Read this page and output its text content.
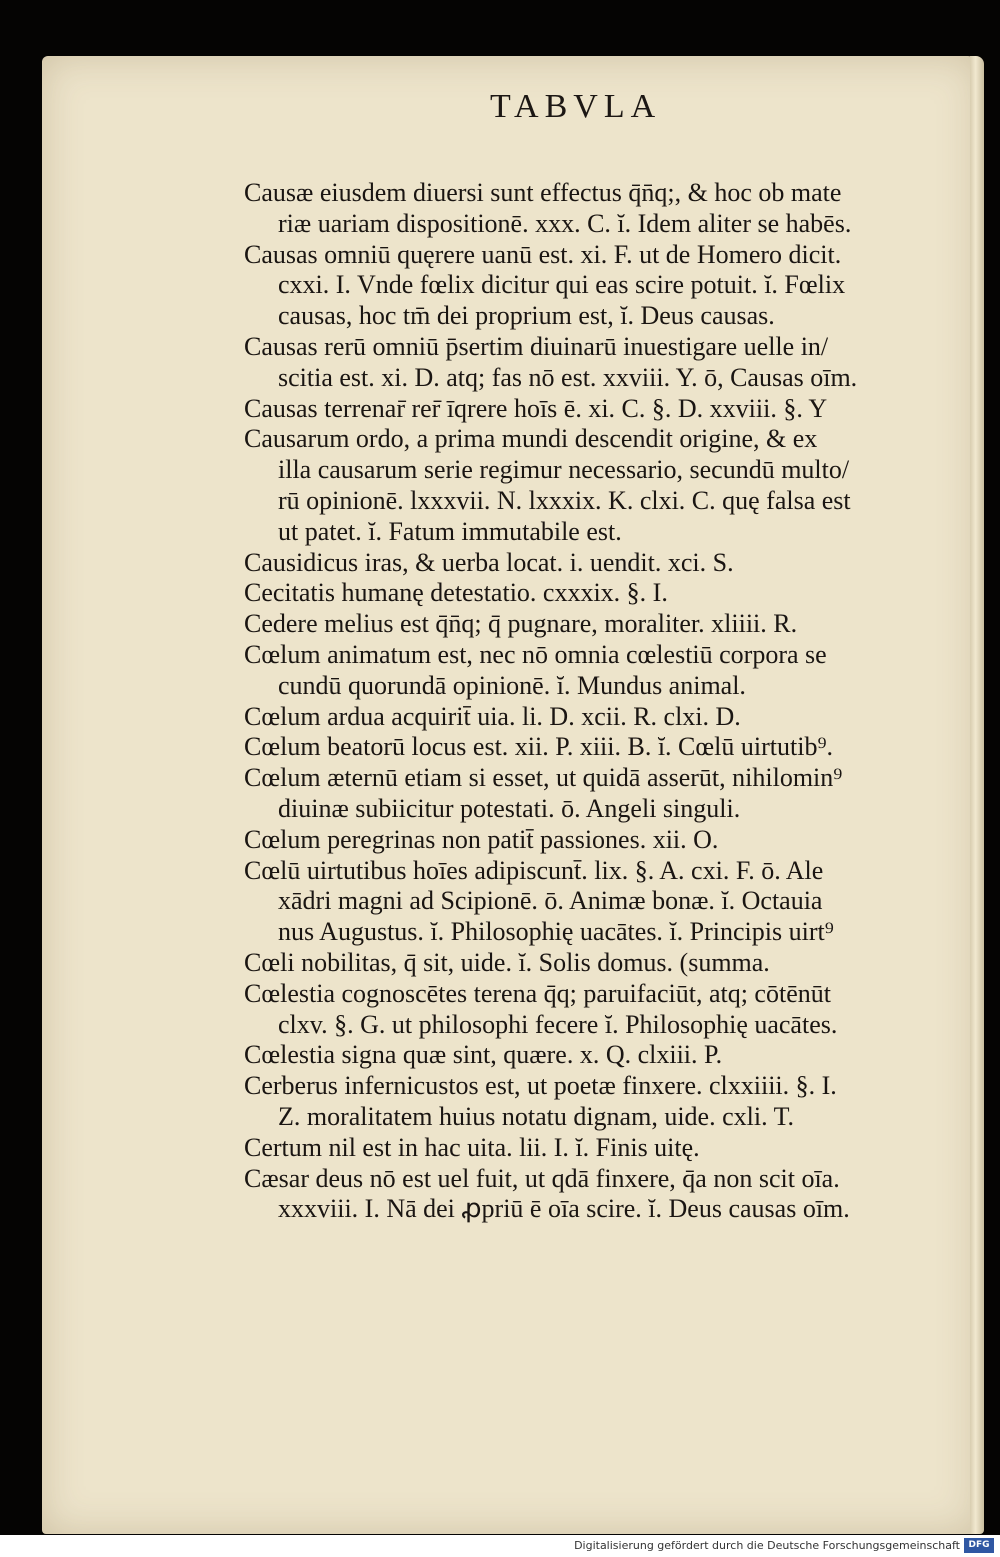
TABVLA
Causæ eiusdem diuersi sunt effectus q̄n̄q;, & hoc ob mate
riæ uariam dispositionē. xxx. C. ĭ. Idem aliter se habēs.
Causas omniū quęrere uanū est. xi. F. ut de Homero dicit.
cxxi. I. Vnde fœlix dicitur qui eas scire potuit. ĭ. Fœlix
causas, hoc tm̄ dei proprium est, ĭ. Deus causas.
Causas rerū omniū p̄sertim diuinarū inuestigare uelle in/
scitia est. xi. D. atq; fas nō est. xxviii. Y. ō, Causas oīm.
Causas terrenar̄ rer̄ īqrere hoīs ē. xi. C. §. D. xxviii. §. Y
Causarum ordo, a prima mundi descendit origine, & ex
illa causarum serie regimur necessario, secundū multo/
rū opinionē. lxxxvii. N. lxxxix. K. clxi. C. quę falsa est
ut patet. ĭ. Fatum immutabile est.
Causidicus iras, & uerba locat. i. uendit. xci. S.
Cecitatis humanę detestatio. cxxxix. §. I.
Cedere melius est q̄n̄q; q̄ pugnare, moraliter. xliiii. R.
Cœlum animatum est, nec nō omnia cœlestiū corpora se
cundū quorundā opinionē. ĭ. Mundus animal.
Cœlum ardua acquirit̄ uia. li. D. xcii. R. clxi. D.
Cœlum beatorū locus est. xii. P. xiii. B. ĭ. Cœlū uirtutib⁹.
Cœlum æternū etiam si esset, ut quidā asserūt, nihilomin⁹
diuinæ subiicitur potestati. ō. Angeli singuli.
Cœlum peregrinas non patit̄ passiones. xii. O.
Cœlū uirtutibus hoīes adipiscunt̄. lix. §. A. cxi. F. ō. Ale
xādri magni ad Scipionē. ō. Animæ bonæ. ĭ. Octauia
nus Augustus. ĭ. Philosophię uacātes. ĭ. Principis uirt⁹
Cœli nobilitas, q̄ sit, uide. ĭ. Solis domus. (summa.
Cœlestia cognoscētes terena q̄q; paruifaciūt, atq; cōtēnūt
clxv. §. G. ut philosophi fecere ĭ. Philosophię uacātes.
Cœlestia signa quæ sint, quære. x. Q. clxiii. P.
Cerberus infernicustos est, ut poetæ finxere. clxxiiii. §. I.
Z. moralitatem huius notatu dignam, uide. cxli. T.
Certum nil est in hac uita. lii. I. ĭ. Finis uitę.
Cæsar deus nō est uel fuit, ut qdā finxere, q̄a non scit oīa.
xxxviii. I. Nā dei ꝓpriū ē oīa scire. ĭ. Deus causas oīm.
Digitalisierung gefördert durch die Deutsche Forschungsgemeinschaft DFG
